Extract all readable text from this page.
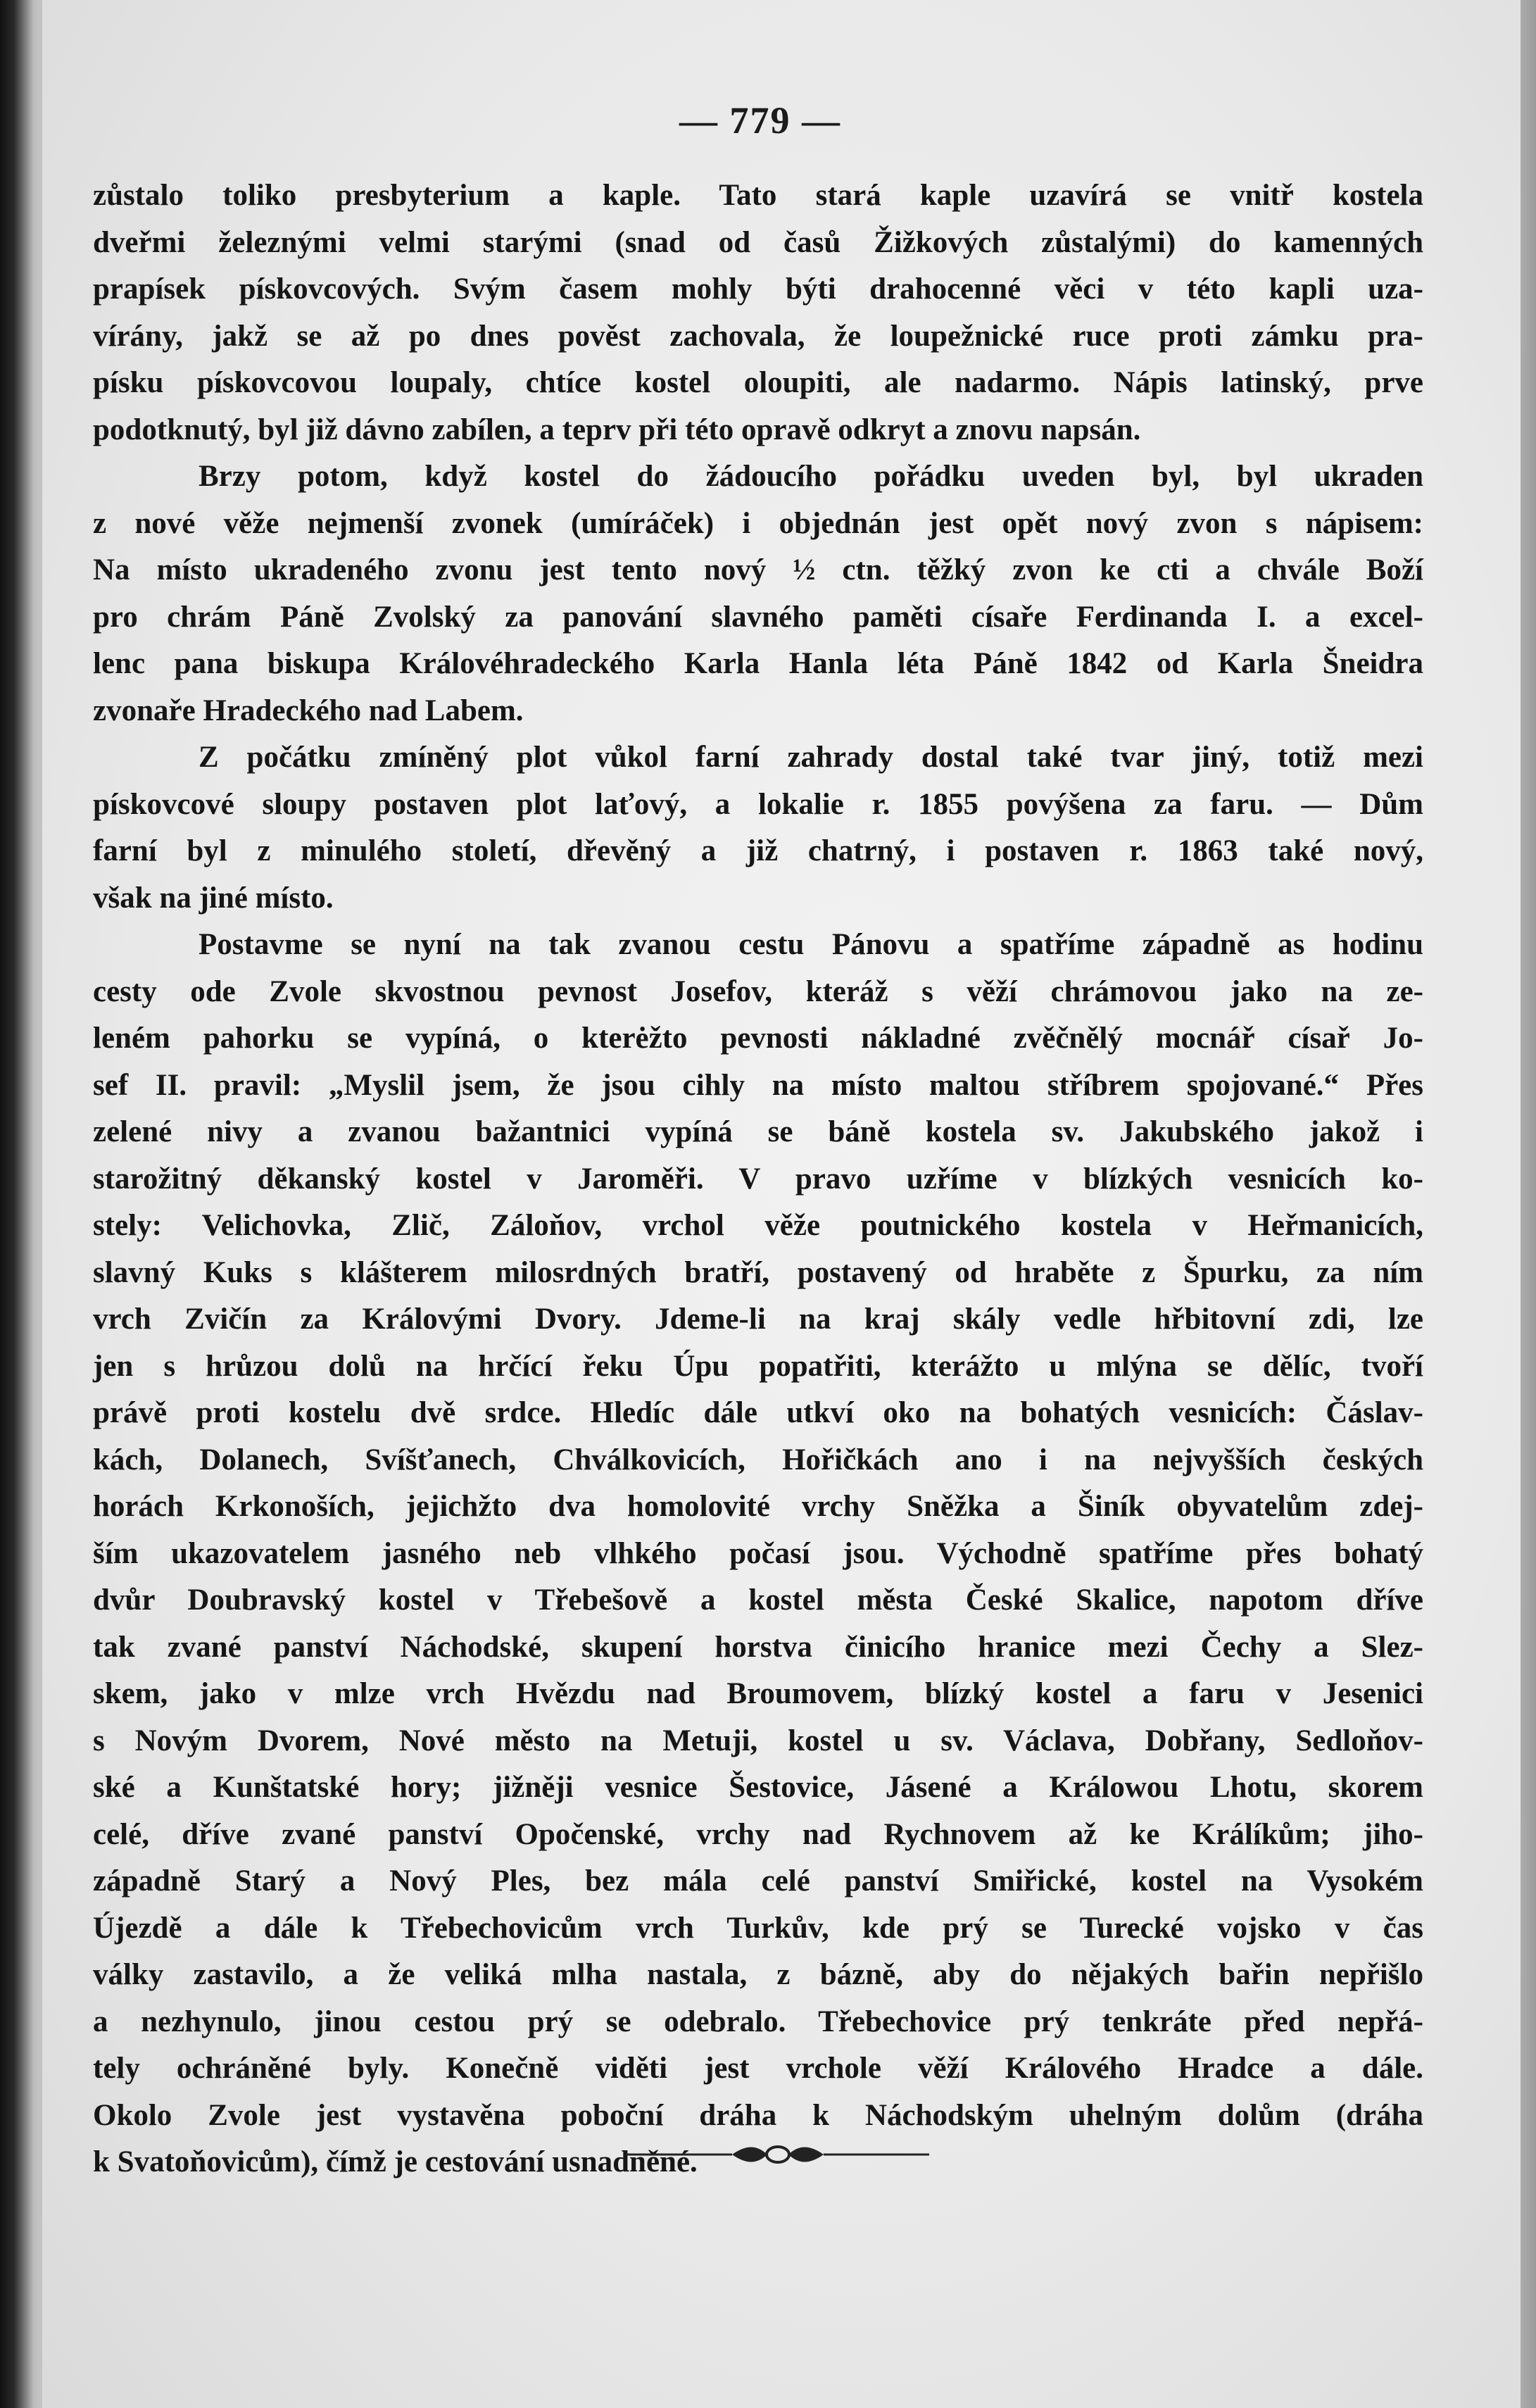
— 779 —
zůstalo toliko presbyterium a kaple. Tato stará kaple uzavírá se vnitř kostela
dveřmi železnými velmi starými (snad od časů Žižkových zůstalými) do kamenných
prapísek pískovcových. Svým časem mohly býti drahocenné věci v této kapli uza-
vírány, jakž se až po dnes pověst zachovala, že loupežnické ruce proti zámku pra-
písku pískovcovou loupaly, chtíce kostel oloupiti, ale nadarmo. Nápis latinský, prve
podotknutý, byl již dávno zabílen, a teprv při této opravě odkryt a znovu napsán.
Brzy potom, když kostel do žádoucího pořádku uveden byl, byl ukraden
z nové věže nejmenší zvonek (umíráček) i objednán jest opět nový zvon s nápisem:
Na místo ukradeného zvonu jest tento nový ½ ctn. těžký zvon ke cti a chvále Boží
pro chrám Páně Zvolský za panování slavného paměti císaře Ferdinanda I. a excel-
lenc pana biskupa Královéhradeckého Karla Hanla léta Páně 1842 od Karla Šneidra
zvonaře Hradeckého nad Labem.
Z počátku zmíněný plot vůkol farní zahrady dostal také tvar jiný, totiž mezi
pískovcové sloupy postaven plot laťový, a lokalie r. 1855 povýšena za faru. — Dům
farní byl z minulého století, dřevěný a již chatrný, i postaven r. 1863 také nový,
však na jiné místo.
Postavme se nyní na tak zvanou cestu Pánovu a spatříme západně as hodinu
cesty ode Zvole skvostnou pevnost Josefov, kteráž s věží chrámovou jako na ze-
leném pahorku se vypíná, o kterėžto pevnosti nákladné zvěčnělý mocnář císař Jo-
sef II. pravil: „Myslil jsem, že jsou cihly na místo maltou stříbrem spojované.“ Přes
zelené nivy a zvanou bažantnici vypíná se báně kostela sv. Jakubského jakož i
starožitný děkanský kostel v Jaroměři. V pravo uzříme v blízkých vesnicích ko-
stely: Velichovka, Zlič, Záloňov, vrchol věže poutnického kostela v Heřmanicích,
slavný Kuks s klášterem milosrdných bratří, postavený od hraběte z Špurku, za ním
vrch Zvičín za Královými Dvory. Jdeme-li na kraj skály vedle hřbitovní zdi, lze
jen s hrůzou dolů na hrčící řeku Úpu popatřiti, kterážto u mlýna se dělíc, tvoří
právě proti kostelu dvě srdce. Hledíc dále utkví oko na bohatých vesnicích: Čáslav-
kách, Dolanech, Svíšťanech, Chválkovicích, Hořičkách ano i na nejvyšších českých
horách Krkonoších, jejichžto dva homolovité vrchy Sněžka a Šiník obyvatelům zdej-
ším ukazovatelem jasného neb vlhkého počasí jsou. Východně spatříme přes bohatý
dvůr Doubravský kostel v Třebešově a kostel města České Skalice, napotom dříve
tak zvané panství Náchodské, skupení horstva činicího hranice mezi Čechy a Slez-
skem, jako v mlze vrch Hvězdu nad Broumovem, blízký kostel a faru v Jesenici
s Novým Dvorem, Nové město na Metuji, kostel u sv. Václava, Dobřany, Sedloňov-
ské a Kunštatské hory; jižněji vesnice Šestovice, Jásené a Králowou Lhotu, skorem
celé, dříve zvané panství Opočenské, vrchy nad Rychnovem až ke Králíkům; jiho-
západně Starý a Nový Ples, bez mála celé panství Smiřické, kostel na Vysokém
Újezdě a dále k Třebechovicům vrch Turkův, kde prý se Turecké vojsko v čas
války zastavilo, a že veliká mlha nastala, z bázně, aby do nějakých bařin nepřišlo
a nezhynulo, jinou cestou prý se odebralo. Třebechovice prý tenkráte před nepřá-
tely ochráněné byly. Konečně viděti jest vrchole věží Králového Hradce a dále.
Okolo Zvole jest vystavěna poboční dráha k Náchodským uhelným dolům (dráha
k Svatoňovicům), čímž je cestování usnadněné.
